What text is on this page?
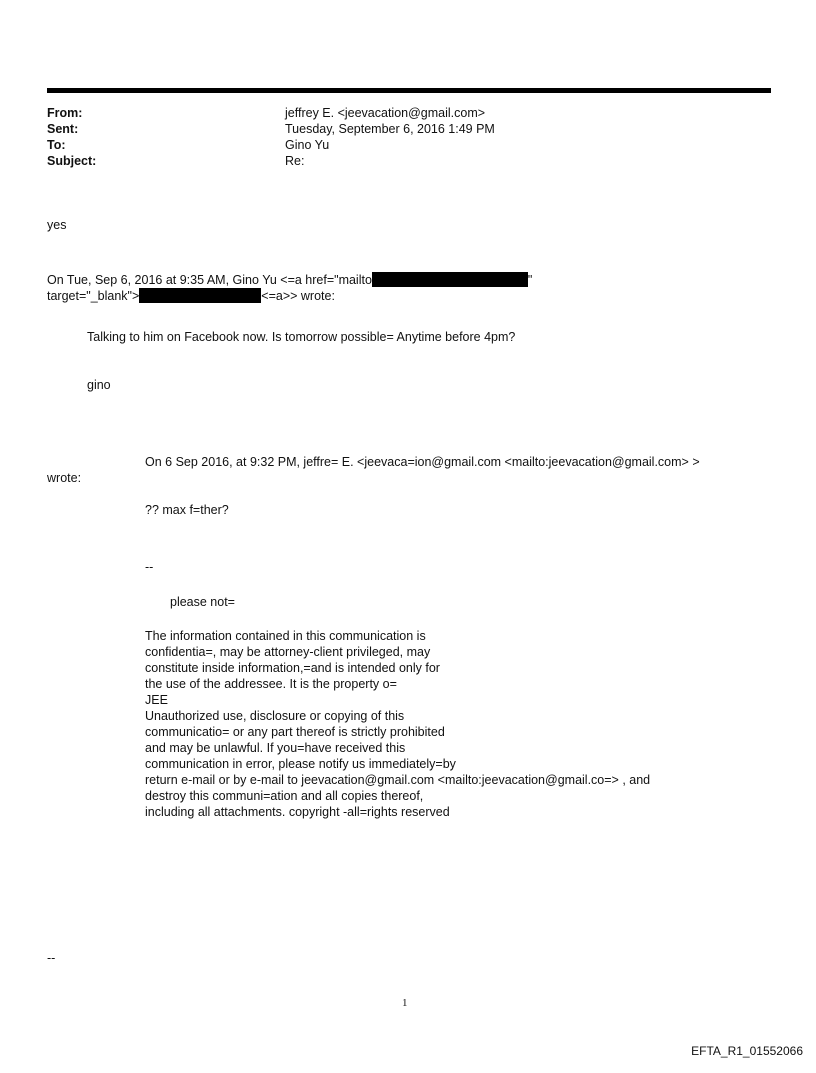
From:	jeffrey E. <jeevacation@gmail.com>
Sent:	Tuesday, September 6, 2016 1:49 PM
To:	Gino Yu
Subject:	Re:
yes
On Tue, Sep 6, 2016 at 9:35 AM, Gino Yu <=a href="mailto	"
target="_blank">	<=a>> wrote:
Talking to him on Facebook now. Is tomorrow possible= Anytime before 4pm?
gino
On 6 Sep 2016, at 9:32 PM, jeffre= E. <jeevaca=ion@gmail.com <mailto:jeevacation@gmail.com> >
wrote:
?? max f=ther?
--
please not=
The information contained in this communication is
confidentia=, may be attorney-client privileged, may
constitute inside information,=and is intended only for
the use of the addressee. It is the property o=
JEE
Unauthorized use, disclosure or copying of this
communicatio= or any part thereof is strictly prohibited
and may be unlawful. If you=have received this
communication in error, please notify us immediately=by
return e-mail or by e-mail to jeevacation@gmail.com <mailto:jeevacation@gmail.co=> , and
destroy this communi=ation and all copies thereof,
including all attachments. copyright -all=rights reserved
--
1
EFTA_R1_01552066
